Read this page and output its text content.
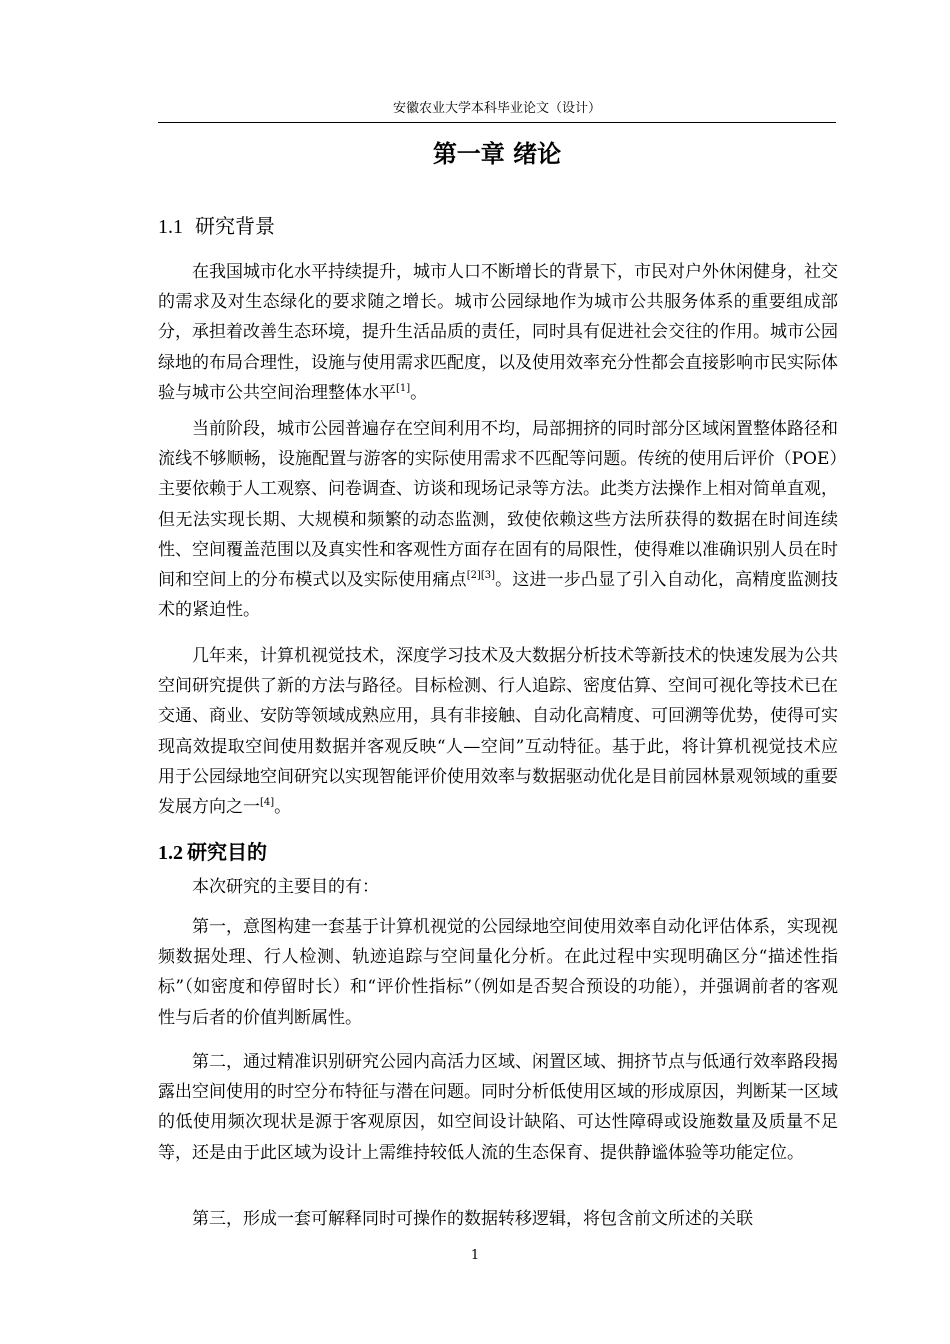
安徽农业大学本科毕业论文（设计）
第一章 绪论
1.1 研究背景

在我国城市化水平持续提升，城市人口不断增长的背景下，市民对户外休闲健身，社交的需求及对生态绿化的要求随之增长。城市公园绿地作为城市公共服务体系的重要组成部分，承担着改善生态环境，提升生活品质的责任，同时具有促进社会交往的作用。城市公园绿地的布局合理性，设施与使用需求匹配度，以及使用效率充分性都会直接影响市民实际体验与城市公共空间治理整体水平[1]。

当前阶段，城市公园普遍存在空间利用不均，局部拥挤的同时部分区域闲置整体路径和流线不够顺畅，设施配置与游客的实际使用需求不匹配等问题。传统的使用后评价（POE）主要依赖于人工观察、问卷调查、访谈和现场记录等方法。此类方法操作上相对简单直观，但无法实现长期、大规模和频繁的动态监测，致使依赖这些方法所获得的数据在时间连续性、空间覆盖范围以及真实性和客观性方面存在固有的局限性，使得难以准确识别人员在时间和空间上的分布模式以及实际使用痛点[2][3]。这进一步凸显了引入自动化，高精度监测技术的紧迫性。

几年来，计算机视觉技术，深度学习技术及大数据分析技术等新技术的快速发展为公共空间研究提供了新的方法与路径。目标检测、行人追踪、密度估算、空间可视化等技术已在交通、商业、安防等领域成熟应用，具有非接触、自动化高精度、可回溯等优势，使得可实现高效提取空间使用数据并客观反映“人—空间”互动特征。基于此，将计算机视觉技术应用于公园绿地空间研究以实现智能评价使用效率与数据驱动优化是目前园林景观领域的重要发展方向之一[4]。

1.2 研究目的

本次研究的主要目的有：

第一，意图构建一套基于计算机视觉的公园绿地空间使用效率自动化评估体系，实现视频数据处理、行人检测、轨迹追踪与空间量化分析。在此过程中实现明确区分“描述性指标”（如密度和停留时长）和“评价性指标”（例如是否契合预设的功能），并强调前者的客观性与后者的价值判断属性。

第二，通过精准识别研究公园内高活力区域、闲置区域、拥挤节点与低通行效率路段揭露出空间使用的时空分布特征与潜在问题。同时分析低使用区域的形成原因，判断某一区域的低使用频次现状是源于客观原因，如空间设计缺陷、可达性障碍或设施数量及质量不足等，还是由于此区域为设计上需维持较低人流的生态保育、提供静谧体验等功能定位。

第三，形成一套可解释同时可操作的数据转移逻辑，将包含前文所述的关联

1
